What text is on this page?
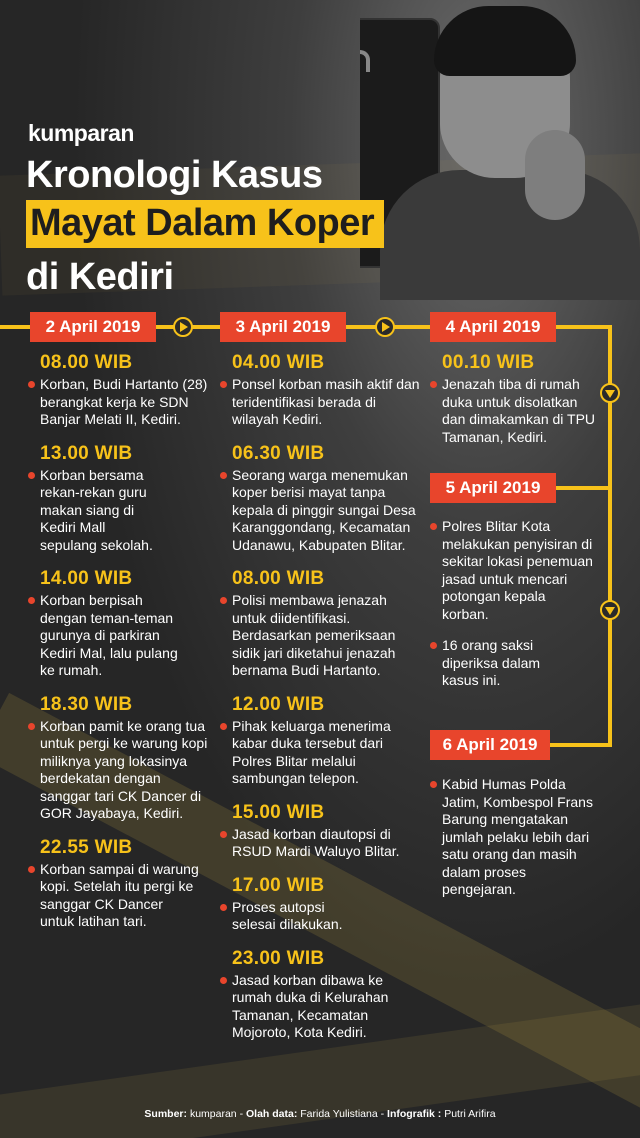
kumparan
Kronologi Kasus
Mayat Dalam Koper
di Kediri
2 April 2019	3 April 2019	4 April 2019
5 April 2019
6 April 2019
08.00 WIB
Korban, Budi Hartanto (28) berangkat kerja ke SDN Banjar Melati II, Kediri.
13.00 WIB
Korban bersama rekan-rekan guru makan siang di Kediri Mall sepulang sekolah.
14.00 WIB
Korban berpisah dengan teman-teman gurunya di parkiran Kediri Mal, lalu pulang ke rumah.
18.30 WIB
Korban pamit ke orang tua untuk pergi ke warung kopi miliknya yang lokasinya berdekatan dengan sanggar tari CK Dancer di GOR Jayabaya, Kediri.
22.55 WIB
Korban sampai di warung kopi. Setelah itu pergi ke sanggar CK Dancer untuk latihan tari.
04.00 WIB
Ponsel korban masih aktif dan teridentifikasi berada di wilayah Kediri.
06.30 WIB
Seorang warga menemukan koper berisi mayat tanpa kepala di pinggir sungai Desa Karanggondang, Kecamatan Udanawu, Kabupaten Blitar.
08.00 WIB
Polisi membawa jenazah untuk diidentifikasi. Berdasarkan pemeriksaan sidik jari diketahui jenazah bernama Budi Hartanto.
12.00 WIB
Pihak keluarga menerima kabar duka tersebut dari Polres Blitar melalui sambungan telepon.
15.00 WIB
Jasad korban diautopsi di RSUD Mardi Waluyo Blitar.
17.00 WIB
Proses autopsi selesai dilakukan.
23.00 WIB
Jasad korban dibawa ke rumah duka di Kelurahan Tamanan, Kecamatan Mojoroto, Kota Kediri.
00.10 WIB
Jenazah tiba di rumah duka untuk disolatkan dan dimakamkan di TPU Tamanan, Kediri.
Polres Blitar Kota melakukan penyisiran di sekitar lokasi penemuan jasad untuk mencari potongan kepala korban.
16 orang saksi diperiksa dalam kasus ini.
Kabid Humas Polda Jatim, Kombespol Frans Barung mengatakan jumlah pelaku lebih dari satu orang dan masih dalam proses pengejaran.
Sumber: kumparan - Olah data: Farida Yulistiana - Infografik : Putri Arifira
